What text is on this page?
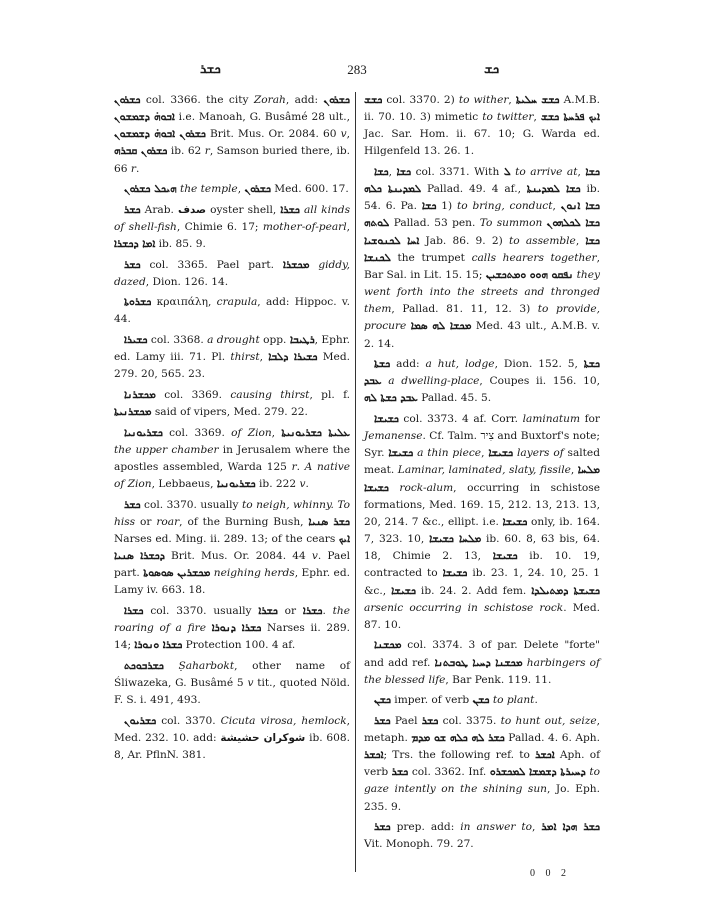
ܟܫܪ	283	ܟܫ

ܟܫܪܘܢ col. 3366. the city Zorah, add: ܟܫܪܘܢ ܐܒܘܗ̇ ܕܫܡܫܘܢ i.e. Manoah, G. Busâmé 28 ult., ܟܫܪܘܢ ܐܒܘܗ̇ ܕܫܡܫܘܢ Brit. Mus. Or. 2084. 60 v, ܟܫܪܘܢ ܩܒܪܗ ib. 62 r, Samson buried there, ib. 66 r.

ܗܝܟܠ ܟܫܪܘܢ the temple, ܟܫܪܘܢ Med. 600. 17.

ܟܫܪ Arab. صدف oyster shell, ܟܫܪܐ all kinds of shell-fish, Chimie 6. 17; mother-of-pearl, ܐܡܐ ܕܟܫܪܐ ib. 85. 9.

ܟܫܪ col. 3365. Pael part. ܡܟܫܪܐ giddy, dazed, Dion. 126. 14.

ܟܫܪܘܬܐ κραιπάλη, crapula, add: Hippoc. v. 44.

ܟܫܝܪܐ col. 3368. a drought opp. ܪܛܝܒܐ, Ephr. ed. Lamy iii. 71. Pl. thirst, ܟܫܝܪܐ ܕܠܒܐ Med. 279. 20, 565. 23.

ܡܟܫܪܢܐ col. 3369. causing thirst, pl. f. ܡܟܫܪܢܝܬܐ said of vipers, Med. 279. 22.

ܟܫܪܝܘܢܝܐ col. 3369. of Zion, ܥܠܝܬܐ ܟܫܪܝܘܢܝܬܐ the upper chamber in Jerusalem where the apostles assembled, Warda 125 r. A native of Zion, Lebbaeus, ܟܫܪܝܘܢܝܐ ib. 222 v.

ܟܫܪ col. 3370. usually to neigh, whinny. To hiss or roar, of the Burning Bush, ܟܫܪ ܣܢܝܐ Narses ed. Ming. ii. 289. 13; of the cears ܐܝܟ ܕܟܫܪܐ ܣܢܝܐ Brit. Mus. Or. 2084. 44 v. Pael part. ܡܟܫܪܝܢ ܣܘܣܘܬܐ neighing herds, Ephr. ed. Lamy iv. 663. 18.

ܟܫܪܐ col. 3370. usually ܟܫܪܐ or ܟܫܪܐ. the roaring of a fire ܟܫܪܐ ܕܢܘܪܐ Narses ii. 289. 14; ܟܫܪܐ ܘܢܘܪܐ Protection 100. 4 af.

ܟܫܪܒܘܟܬ Ṣaharbokt, other name of Śliwazeka, G. Busâmé 5 v tit., quoted Nöld. F. S. i. 491, 493.

ܟܫܪܝܘܢ col. 3370. Cicuta virosa, hemlock, Med. 232. 10. add: شوكران حشيشة ib. 608. 8, Ar. PflnN. 381.

ܟܫܫ col. 3370. 2) to wither, ܟܫܫ ܚܠܝܬܐ A.M.B. ii. 70. 10. 3) mimetic to twitter, ܐܝܟ ܦܪܚܬܐ ܟܫܫ Jac. Sar. Hom. ii. 67. 10; G. Warda ed. Hilgenfeld 13. 26. 1.

ܟܫܐ, ܟܫܐ col. 3371. With ܠ to arrive at, ܟܫܐ ܠܡܕܝܢܬܐ ܟܠܗ Pallad. 49. 4 af., ܟܫܐ ܠܡܕܝܢܬܐ ib. 54. 6. Pa. ܟܫܐ 1) to bring, conduct, ܟܫܐ ܐܢܘܢ ܠܘܬܗ Pallad. 53 pen. To summon ܟܫܐ ܠܟܠܗܘܢ ܐܚܐ ܠܟܢܘܫܝܐ Jab. 86. 9. 2) to assemble, ܟܫܐ ܠܟܢܫܐ the trumpet calls hearers together, Bar Sal. in Lit. 15. 15; ܢܦܩܘ ܗܘܘ ܘܡܬܟܫܝܢ they went forth into the streets and thronged them, Pallad. 81. 11, 12. 3) to provide, procure ܡܟܫܐ ܠܗ ܣܡܐ Med. 43 ult., A.M.B. v. 2. 14.

ܟܫܬܐ add: a hut, lodge, Dion. 152. 5, ܟܫܬܐ ܥܒܕ a dwelling-place, Coupes ii. 156. 10, ܥܒܕ ܟܫܬܐ ܠܗ Pallad. 45. 5.

ܟܫܝܫܐ col. 3373. 4 af. Corr. laminatum for Jemanense. Cf. Talm. צִיר and Buxtorf's note; Syr. ܟܫܝܫܐ a thin piece, ܟܫܝܫܐ layers of salted meat. Laminar, laminated, slaty, fissile, ܡܠܚܐ ܟܫܝܫܐ rock-alum, occurring in schistose formations, Med. 169. 15, 212. 13, 213. 13, 20, 214. 7 &c., ellipt. i.e. ܟܫܝܫܐ only, ib. 164. 7, 323. 10, ܡܠܚܐ ܟܫܝܫܐ ib. 60. 8, 63 bis, 64. 18, Chimie 2. 13, ܟܫܝܫܐ ib. 10. 19, contracted to ܟܫܝܫܐ ib. 23. 1, 24. 10, 25. 1 &c., ܟܫܝܫܐ ib. 24. 2. Add fem. ܟܫܝܫܬܐ ܕܡܬܝܠܕܐ arsenic occurring in schistose rock. Med. 87. 10.

ܡܟܫܢܐ col. 3374. 3 of par. Delete "forte" and add ref. ܡܟܫܢܐ ܕܚܝܐ ܛܘܒܬܢܐ harbingers of the blessed life, Bar Penk. 119. 11.

ܟܫܢ imper. of verb ܟܫܢ to plant.

ܟܫܪ Pael ܟܫܪ col. 3375. to hunt out, seize, metaph. ܟܫܪ ܠܗ ܟܠܗ ܫܘ ܡܕܡ Pallad. 4. 6. Aph. ܐܟܫܪ; Trs. the following ref. to ܐܟܫܪ Aph. of verb ܟܫܪ col. 3362. Inf. ܠܡܟܫܪܘ ܕܚܝܪܬܐ ܕܫܡܫܐ to gaze intently on the shining sun, Jo. Eph. 235. 9.

ܟܫܪ prep. add: in answer to, ܟܫܪ ܗܕܐ ܐܡܪ Vit. Monoph. 79. 27.

0 0 2
